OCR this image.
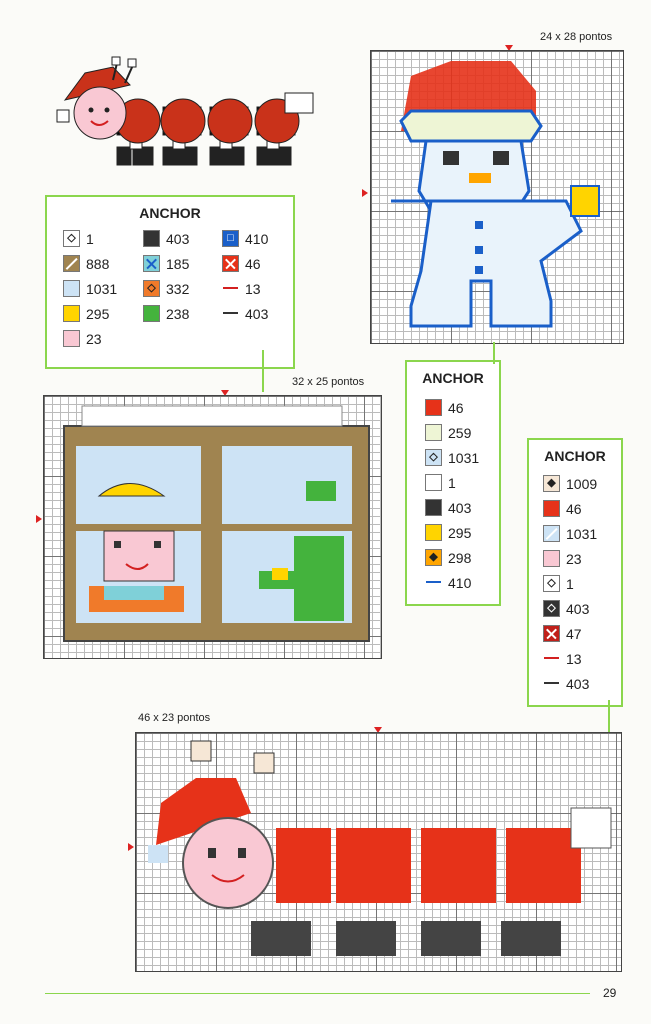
ANCHOR
◇ 1
888
1031
295
23
403
185
◇ 332
238
□ 410
46
13
403
24 x 28 pontos
ANCHOR
46
259
◇ 1031
1
403
295
◆ 298
410
32 x 25 pontos
ANCHOR
◆ 1009
46
1031
23
◇ 1
◇ 403
47
13
403
46 x 23 pontos
29
